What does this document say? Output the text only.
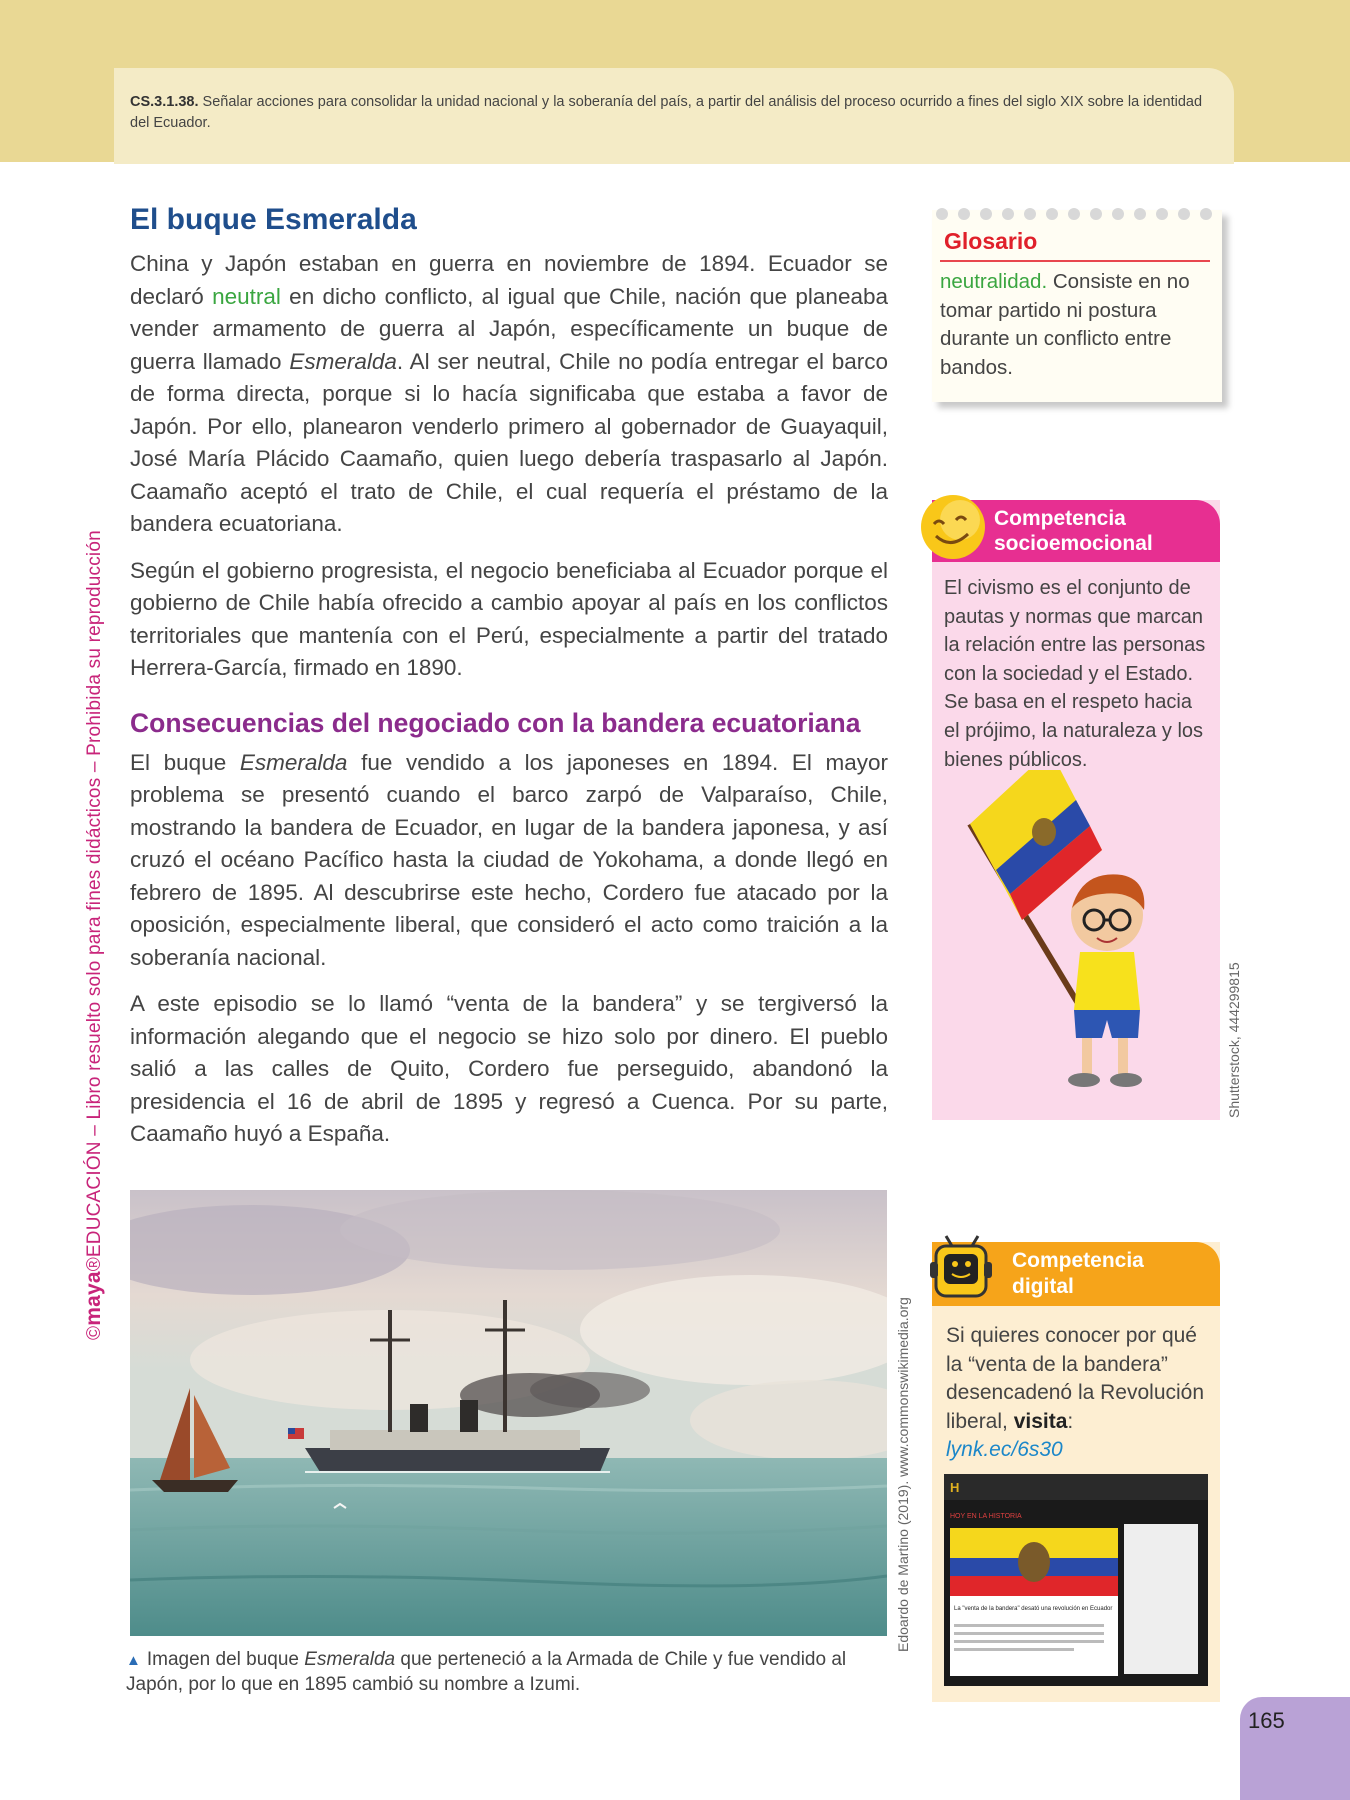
CS.3.1.38. Señalar acciones para consolidar la unidad nacional y la soberanía del país, a partir del análisis del proceso ocurrido a fines del siglo XIX sobre la identidad del Ecuador.
©maya®EDUCACIÓN – Libro resuelto solo para fines didácticos – Prohibida su reproducción
El buque Esmeralda

China y Japón estaban en guerra en noviembre de 1894. Ecuador se declaró neutral en dicho conflicto, al igual que Chile, nación que planeaba vender armamento de guerra al Japón, específicamente un buque de guerra llamado Esmeralda. Al ser neutral, Chile no podía entregar el barco de forma directa, porque si lo hacía significaba que estaba a favor de Japón. Por ello, planearon venderlo primero al gobernador de Guayaquil, José María Plácido Caamaño, quien luego debería traspasarlo al Japón. Caamaño aceptó el trato de Chile, el cual requería el préstamo de la bandera ecuatoriana.

Según el gobierno progresista, el negocio beneficiaba al Ecuador porque el gobierno de Chile había ofrecido a cambio apoyar al país en los conflictos territoriales que mantenía con el Perú, especialmente a partir del tratado Herrera-García, firmado en 1890.

Consecuencias del negociado con la bandera ecuatoriana

El buque Esmeralda fue vendido a los japoneses en 1894. El mayor problema se presentó cuando el barco zarpó de Valparaíso, Chile, mostrando la bandera de Ecuador, en lugar de la bandera japonesa, y así cruzó el océano Pacífico hasta la ciudad de Yokohama, a donde llegó en febrero de 1895. Al descubrirse este hecho, Cordero fue atacado por la oposición, especialmente liberal, que consideró el acto como traición a la soberanía nacional.

A este episodio se lo llamó “venta de la bandera” y se tergiversó la información alegando que el negocio se hizo solo por dinero. El pueblo salió a las calles de Quito, Cordero fue perseguido, abandonó la presidencia el 16 de abril de 1895 y regresó a Cuenca. Por su parte, Caamaño huyó a España.

▲ Imagen del buque Esmeralda que perteneció a la Armada de Chile y fue vendido al Japón, por lo que en 1895 cambió su nombre a Izumi.
Edoardo de Martino (2019). www.commonswikimedia.org
Glosario
neutralidad. Consiste en no tomar partido ni postura durante un conflicto entre bandos.
Competencia
socioemocional
El civismo es el conjunto de pautas y normas que marcan la relación entre las personas con la sociedad y el Estado. Se basa en el respeto hacia el prójimo, la naturaleza y los bienes públicos.
Shutterstock, 444299815
Competencia
digital
Si quieres conocer por qué la “venta de la bandera” desencadenó la Revolución liberal, visita:
lynk.ec/6s30
H
HOY EN LA HISTORIA
La "venta de la bandera" desató una revolución en Ecuador
165
